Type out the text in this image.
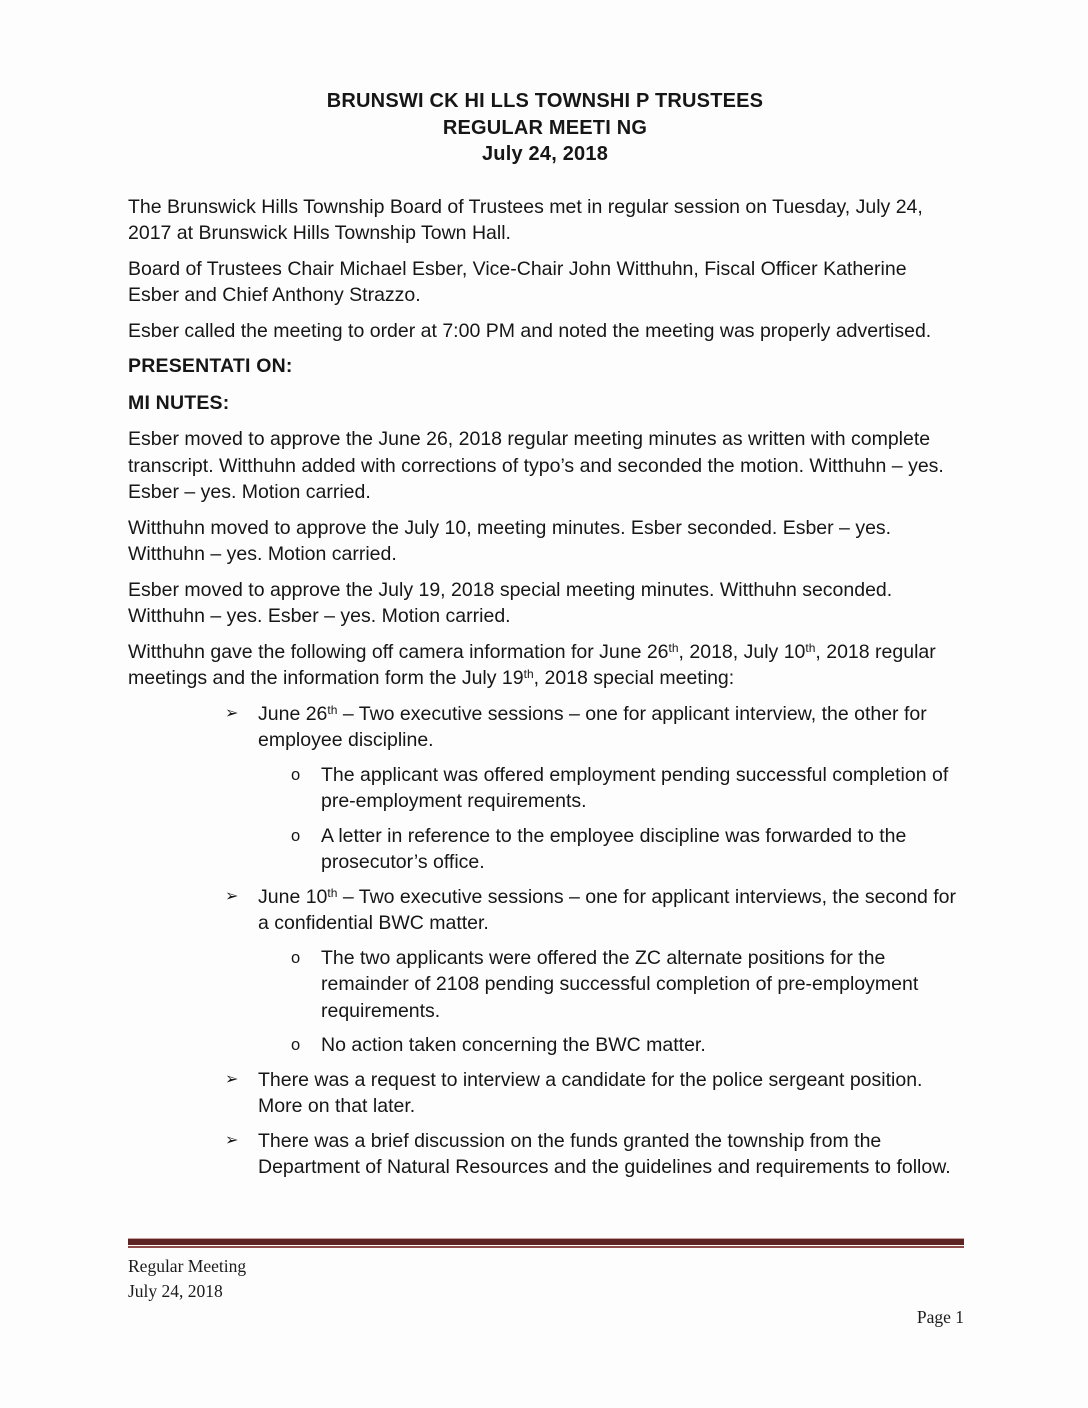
BRUNSWI CK HI LLS TOWNSHI P TRUSTEES
REGULAR MEETI NG
July 24, 2018

The Brunswick Hills Township Board of Trustees met in regular session on Tuesday, July 24, 2017 at Brunswick Hills Township Town Hall.

Board of Trustees Chair Michael Esber, Vice-Chair John Witthuhn, Fiscal Officer Katherine Esber and Chief Anthony Strazzo.

Esber called the meeting to order at 7:00 PM and noted the meeting was properly advertised.

PRESENTATI ON:

MI NUTES:

Esber moved to approve the June 26, 2018 regular meeting minutes as written with complete transcript. Witthuhn added with corrections of typo’s and seconded the motion. Witthuhn – yes. Esber – yes. Motion carried.

Witthuhn moved to approve the July 10, meeting minutes. Esber seconded. Esber – yes. Witthuhn – yes. Motion carried.

Esber moved to approve the July 19, 2018 special meeting minutes. Witthuhn seconded. Witthuhn – yes. Esber – yes. Motion carried.

Witthuhn gave the following off camera information for June 26th, 2018, July 10th, 2018 regular meetings and the information form the July 19th, 2018 special meeting:

➢	June 26th – Two executive sessions – one for applicant interview, the other for employee discipline.
o	The applicant was offered employment pending successful completion of pre-employment requirements.
o	A letter in reference to the employee discipline was forwarded to the prosecutor’s office.
➢	June 10th – Two executive sessions – one for applicant interviews, the second for a confidential BWC matter.
o	The two applicants were offered the ZC alternate positions for the remainder of 2108 pending successful completion of pre-employment requirements.
o	No action taken concerning the BWC matter.
➢	There was a request to interview a candidate for the police sergeant position. More on that later.
➢	There was a brief discussion on the funds granted the township from the Department of Natural Resources and the guidelines and requirements to follow.
Regular Meeting
July 24, 2018
Page 1
